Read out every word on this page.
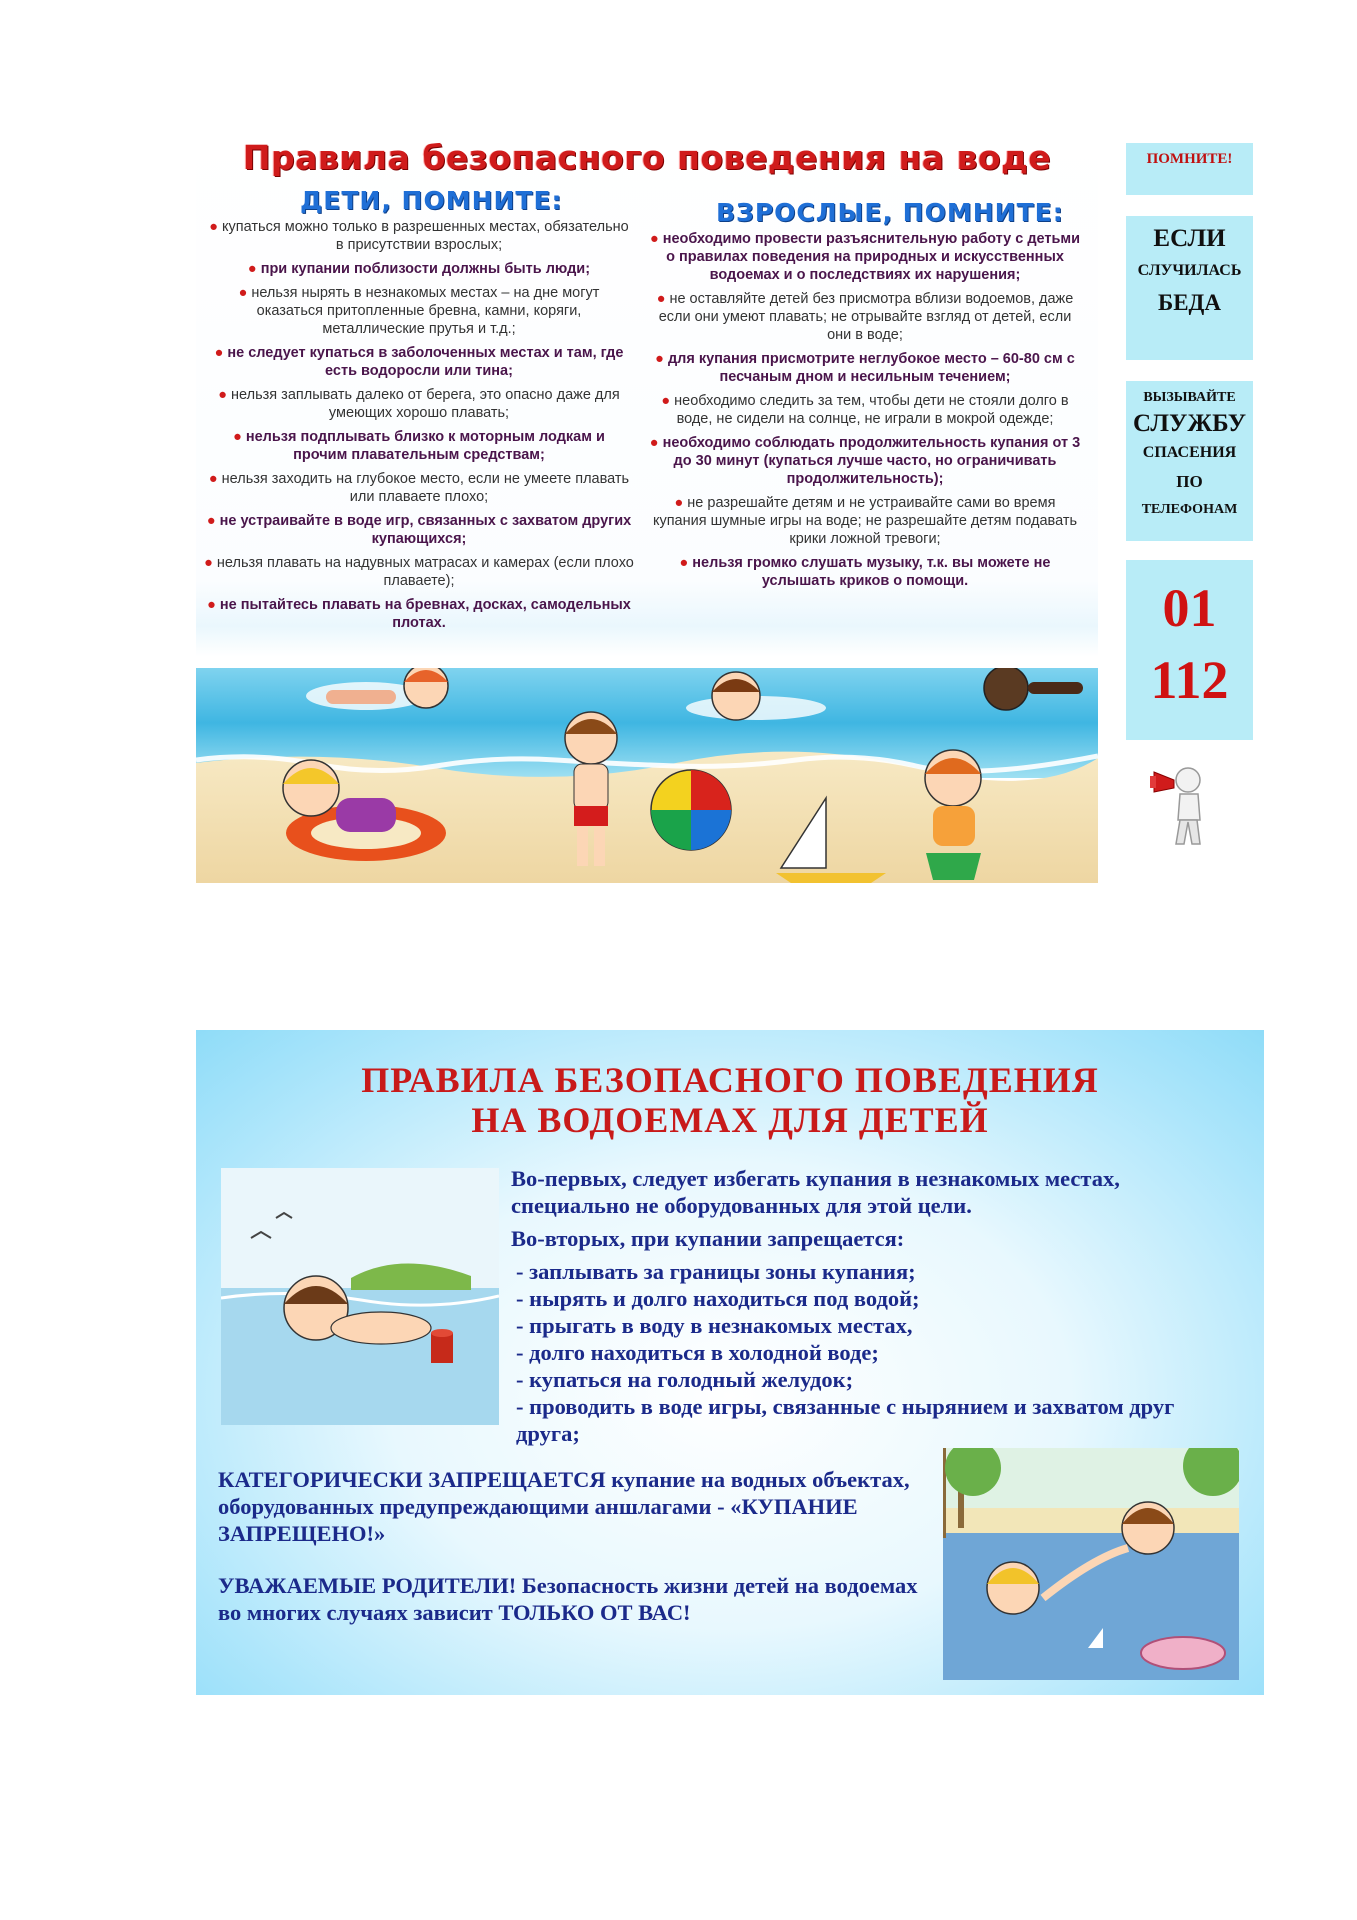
Правила безопасного поведения на воде
ДЕТИ, ПОМНИТЕ:	ВЗРОСЛЫЕ, ПОМНИТЕ:
● купаться можно только в разрешенных местах, обязательно в присутствии взрослых;
● при купании поблизости должны быть люди;
● нельзя нырять в незнакомых местах – на дне могут оказаться притопленные бревна, камни, коряги, металлические прутья и т.д.;
● не следует купаться в заболоченных местах и там, где есть водоросли или тина;
● нельзя заплывать далеко от берега, это опасно даже для умеющих хорошо плавать;
● нельзя подплывать близко к моторным лодкам и прочим плавательным средствам;
● нельзя заходить на глубокое место, если не умеете плавать или плаваете плохо;
● не устраивайте в воде игр, связанных с захватом других купающихся;
● нельзя плавать на надувных матрасах и камерах (если плохо плаваете);
● не пытайтесь плавать на бревнах, досках, самодельных плотах.
● необходимо провести разъяснительную работу с детьми о правилах поведения на природных и искусственных водоемах и о последствиях их нарушения;
● не оставляйте детей без присмотра вблизи водоемов, даже если они умеют плавать; не отрывайте взгляд от детей, если они в воде;
● для купания присмотрите неглубокое место – 60-80 см с песчаным дном и несильным течением;
● необходимо следить за тем, чтобы дети не стояли долго в воде, не сидели на солнце, не играли в мокрой одежде;
● необходимо соблюдать продолжительность купания от 3 до 30 минут (купаться лучше часто, но ограничивать продолжительность);
● не разрешайте детям и не устраивайте сами во время купания шумные игры на воде; не разрешайте детям подавать крики ложной тревоги;
● нельзя громко слушать музыку, т.к. вы можете не услышать криков о помощи.
ПОМНИТЕ!
ЕСЛИ
СЛУЧИЛАСЬ
БЕДА
ВЫЗЫВАЙТЕ
СЛУЖБУ
СПАСЕНИЯ
ПО
ТЕЛЕФОНАМ
01
112
ПРАВИЛА БЕЗОПАСНОГО ПОВЕДЕНИЯ
НА ВОДОЕМАХ ДЛЯ ДЕТЕЙ
Во-первых, следует избегать купания в незнакомых местах, специально не оборудованных для этой цели.
Во-вторых, при купании запрещается:
- заплывать за границы зоны купания;
- нырять и долго находиться под водой;
- прыгать в воду в незнакомых местах,
- долго находиться в холодной воде;
- купаться на голодный желудок;
- проводить в воде игры, связанные с нырянием и захватом друг друга;
КАТЕГОРИЧЕСКИ ЗАПРЕЩАЕТСЯ купание на водных объектах, оборудованных предупреждающими аншлагами - «КУПАНИЕ ЗАПРЕЩЕНО!»
УВАЖАЕМЫЕ РОДИТЕЛИ! Безопасность жизни детей на водоемах во многих случаях зависит ТОЛЬКО ОТ ВАС!
